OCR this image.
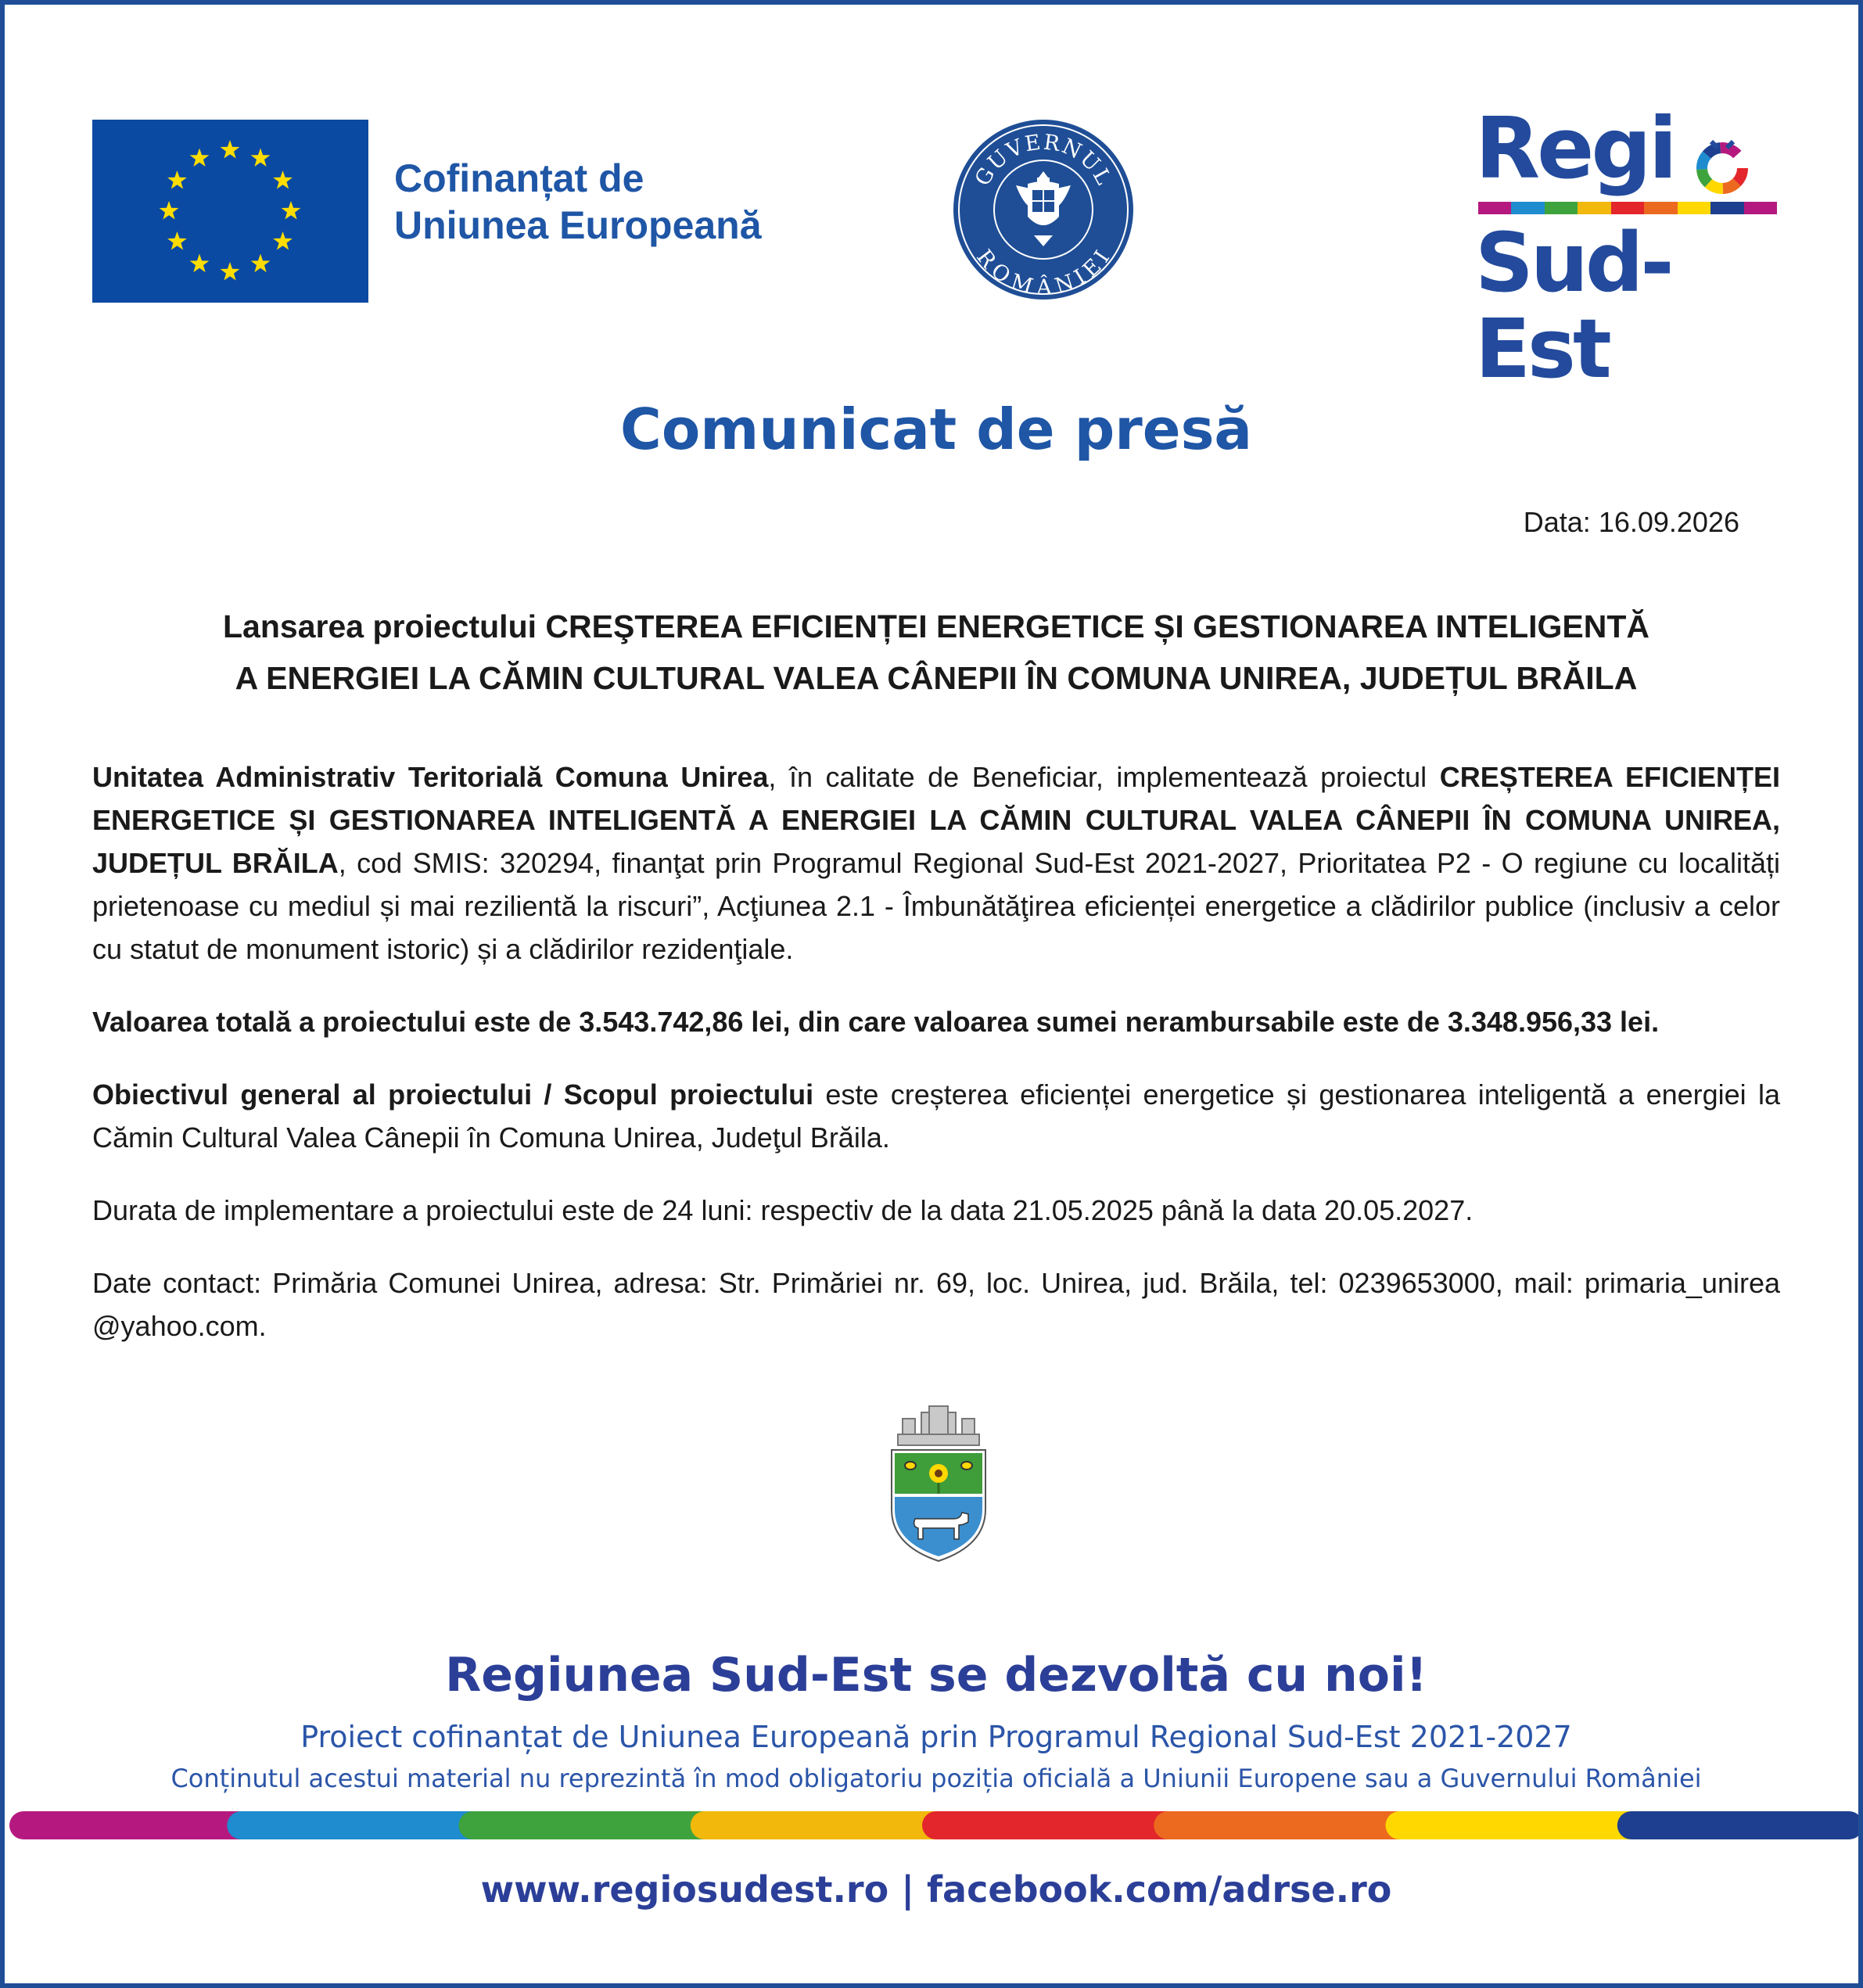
Cofinanțat de
Uniunea Europeană
GUVERNUL
ROMÂNIEI
Regi
Sud-Est
Comunicat de presă
Data: 16.09.2026
Lansarea proiectului CREŞTEREA EFICIENȚEI ENERGETICE ȘI GESTIONAREA INTELIGENTĂ
A ENERGIEI LA CĂMIN CULTURAL VALEA CÂNEPII ÎN COMUNA UNIREA, JUDEȚUL BRĂILA

Unitatea Administrativ Teritorială Comuna Unirea, în calitate de Beneficiar, implementează proiectul CREȘTEREA EFICIENȚEI ENERGETICE ȘI GESTIONAREA INTELIGENTĂ A ENERGIEI LA CĂMIN CULTURAL VALEA CÂNEPII ÎN COMUNA UNIREA, JUDEȚUL BRĂILA, cod SMIS: 320294, finanţat prin Programul Regional Sud-Est 2021-2027, Prioritatea P2 - O regiune cu localități prietenoase cu mediul și mai rezilientă la riscuri”, Acţiunea 2.1 - Îmbunătăţirea eficienței energetice a clădirilor publice (inclusiv a celor cu statut de monument istoric) și a clădirilor rezidenţiale.

Valoarea totală a proiectului este de 3.543.742,86 lei, din care valoarea sumei nerambursabile este de 3.348.956,33 lei.

Obiectivul general al proiectului / Scopul proiectului este creșterea eficienței energetice și gestionarea inteligentă a energiei la Cămin Cultural Valea Cânepii în Comuna Unirea, Judeţul Brăila.

Durata de implementare a proiectului este de 24 luni: respectiv de la data 21.05.2025 până la data 20.05.2027.

Date contact: Primăria Comunei Unirea, adresa: Str. Primăriei nr. 69, loc. Unirea, jud. Brăila, tel: 0239653000, mail: primaria_unirea @yahoo.com.

Regiunea Sud-Est se dezvoltă cu noi!
Proiect cofinanțat de Uniunea Europeană prin Programul Regional Sud-Est 2021-2027
Conținutul acestui material nu reprezintă în mod obligatoriu poziția oficială a Uniunii Europene sau a Guvernului României
www.regiosudest.ro | facebook.com/adrse.ro
